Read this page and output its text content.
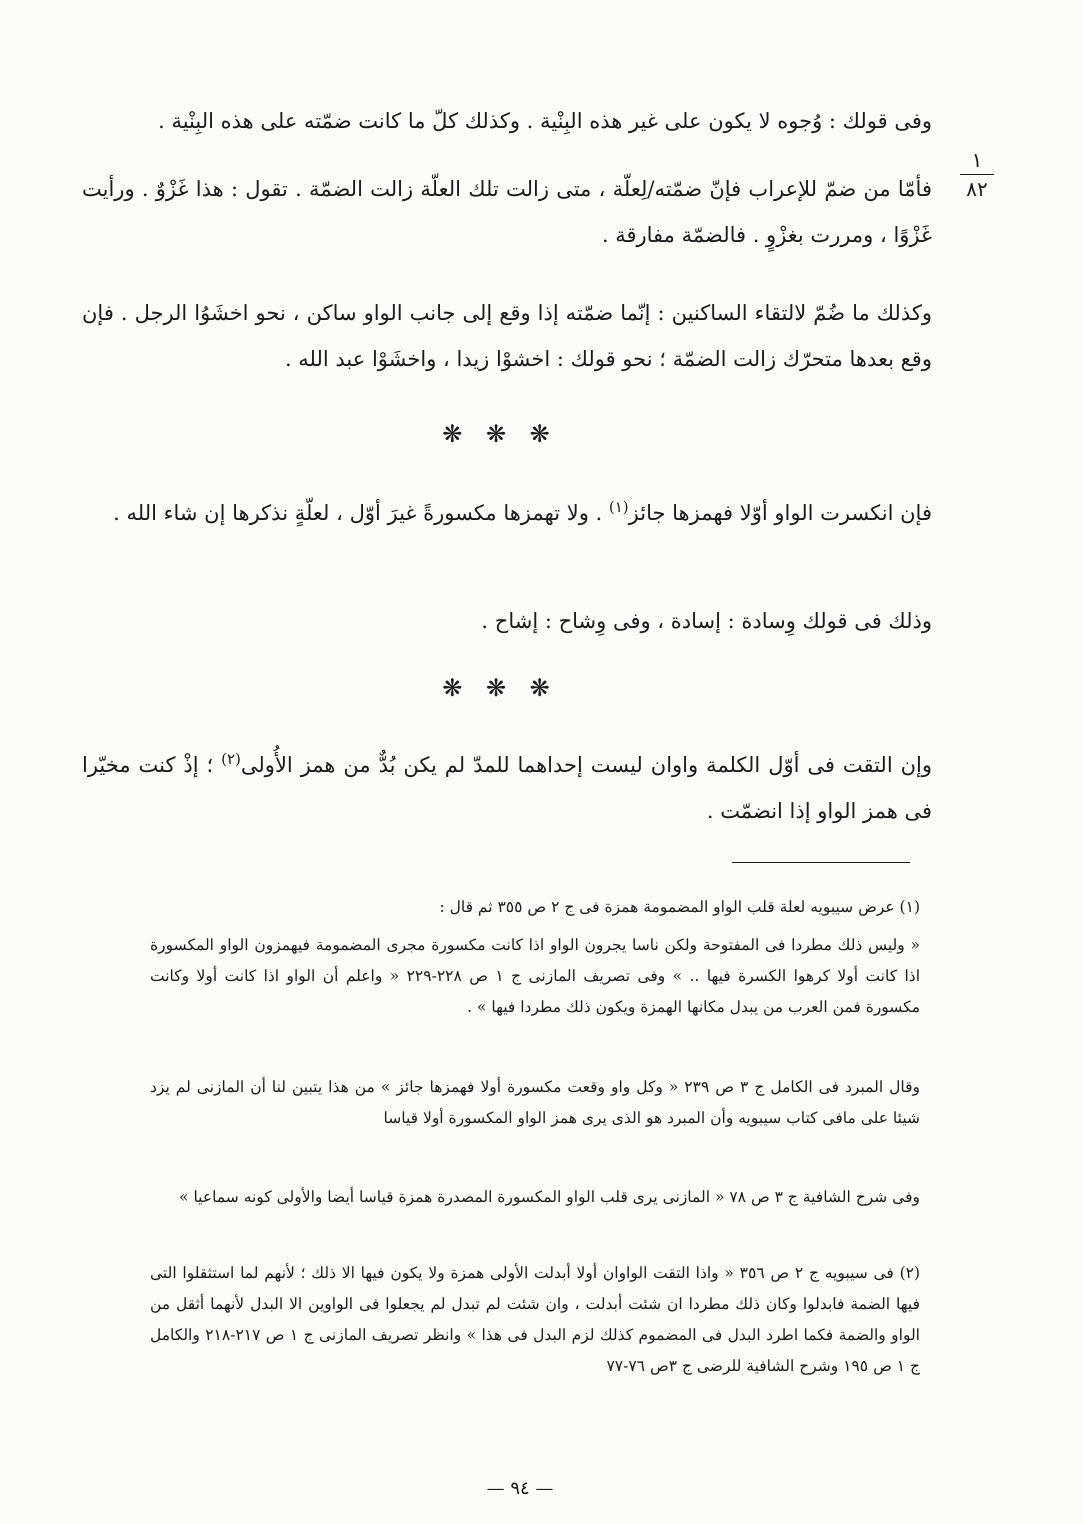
١
٨٢

وفى قولك : وُجوه لا يكون على غير هذه البِنْية . وكذلك كلّ ما كانت ضمّته على هذه البِنْية .

فأمّا من ضمّ للإعراب فإنّ ضمّته/لِعلّة ، متى زالت تلك العلّة زالت الضمّة . تقول : هذا غَزْوٌ . ورأيت غَزْوًا ، ومررت بغزْوٍ . فالضمّة مفارقة .

وكذلك ما ضُمّ لالتقاء الساكنين : إنّما ضمّته إذا وقع إلى جانب الواو ساكن ، نحو اخشَوُا الرجل . فإن وقع بعدها متحرّك زالت الضمّة ؛ نحو قولك : اخشوْا زيدا ، واخشَوْا عبد الله .

❋ ❋ ❋

فإن انكسرت الواو أوّلا فهمزها جائز$^{(١)}$ . ولا تهمزها مكسورةً غيرَ أوّل ، لعلّةٍ نذكرها إن شاء الله .

وذلك فى قولك وِسادة : إسادة ، وفى وِشاح : إشاح .

❋ ❋ ❋

وإن التقت فى أوّل الكلمة واوان ليست إحداهما للمدّ لم يكن بُدٌّ من همز الأُولى$^{(٢)}$ ؛ إذْ كنت مخيّرا فى همز الواو إذا انضمّت .

(١) عرض سيبويه لعلة قلب الواو المضمومة همزة فى ج ٢ ص ٣٥٥ ثم قال :

« وليس ذلك مطردا فى المفتوحة ولكن ناسا يجرون الواو اذا كانت مكسورة مجرى المضمومة فيهمزون الواو المكسورة اذا كانت أولا كرهوا الكسرة فيها .. » وفى تصريف المازنى ج ١ ص ٢٢٨-٢٢٩ « واعلم أن الواو اذا كانت أولا وكانت مكسورة فمن العرب من يبدل مكانها الهمزة ويكون ذلك مطردا فيها » .

وقال المبرد فى الكامل ج ٣ ص ٢٣٩ « وكل واو وقعت مكسورة أولا فهمزها جائز » من هذا يتبين لنا أن المازنى لم يزد شيئا على مافى كتاب سيبويه وأن المبرد هو الذى يرى همز الواو المكسورة أولا قياسا

وفى شرح الشافية ج ٣ ص ٧٨ « المازنى يرى قلب الواو المكسورة المصدرة همزة قياسا أيضا والأولى كونه سماعيا »

(٢) فى سيبويه ج ٢ ص ٣٥٦ « واذا التقت الواوان أولا أبدلت الأولى همزة ولا يكون فيها الا ذلك ؛ لأنهم لما استثقلوا التى فيها الضمة فابدلوا وكان ذلك مطردا ان شئت أبدلت ، وان شئت لم تبدل لم يجعلوا فى الواوين الا البدل لأنهما أثقل من الواو والضمة فكما اطرد البدل فى المضموم كذلك لزم البدل فى هذا » وانظر تصريف المازنى ج ١ ص ٢١٧-٢١٨ والكامل ج ١ ص ١٩٥ وشرح الشافية للرضى ج ٣ص ٧٦-٧٧

— ٩٤ —
